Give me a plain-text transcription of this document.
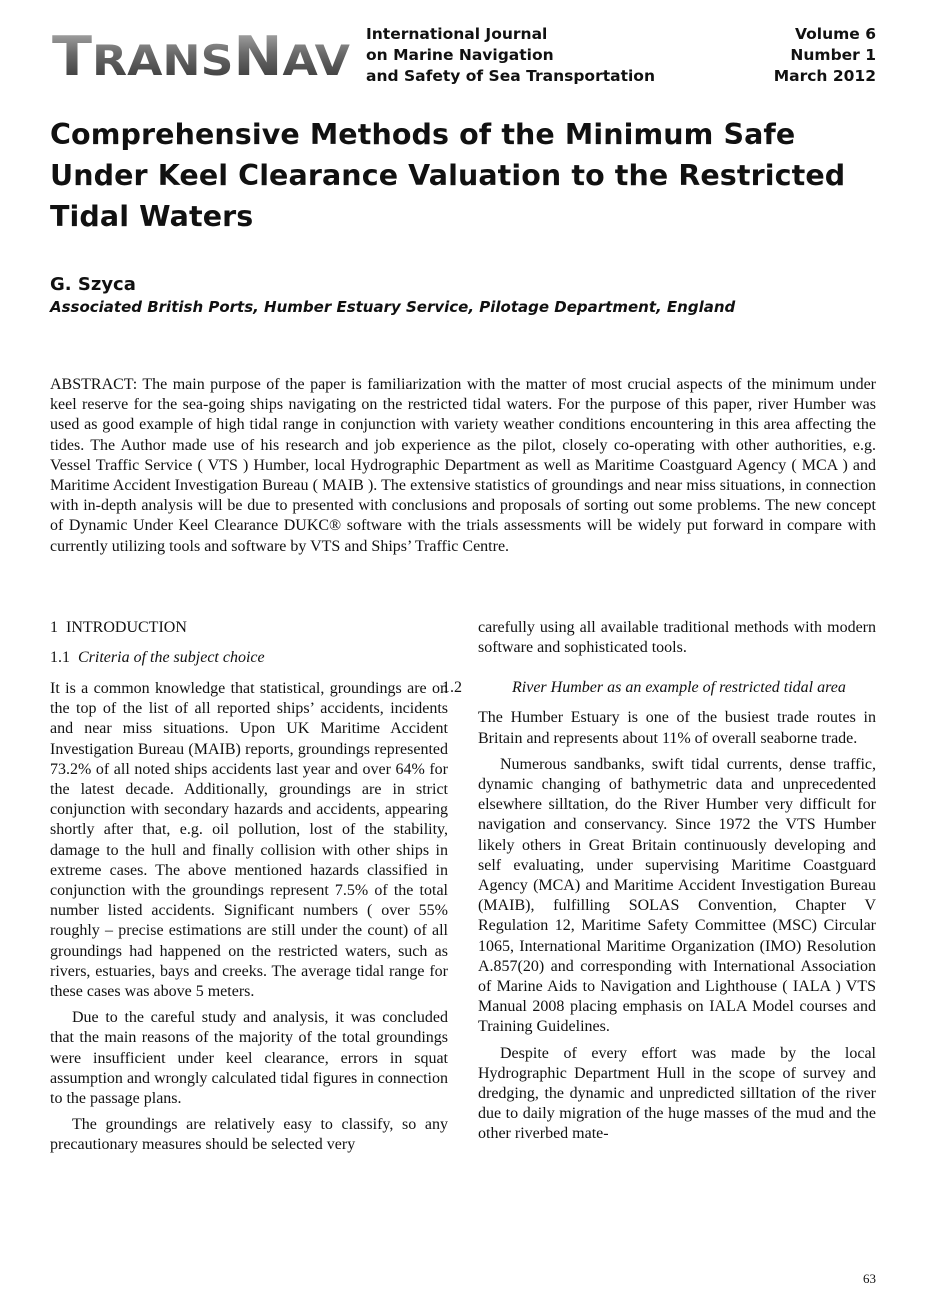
TRANS NAV
International Journal
on Marine Navigation
and Safety of Sea Transportation
Volume 6
Number 1
March 2012
Comprehensive Methods of the Minimum Safe Under Keel Clearance Valuation to the Restricted Tidal Waters

G. Szyca

Associated British Ports, Humber Estuary Service, Pilotage Department, England

ABSTRACT: The main purpose of the paper is familiarization with the matter of most crucial aspects of the minimum under keel reserve for the sea-going ships navigating on the restricted tidal waters. For the purpose of this paper, river Humber was used as good example of high tidal range in conjunction with variety weather conditions encountering in this area affecting the tides. The Author made use of his research and job experience as the pilot, closely co-operating with other authorities, e.g. Vessel Traffic Service ( VTS ) Humber, local Hydrographic Department as well as Maritime Coastguard Agency ( MCA ) and Maritime Accident Investigation Bureau ( MAIB ). The extensive statistics of groundings and near miss situations, in connection with in-depth analysis will be due to presented with conclusions and proposals of sorting out some problems. The new concept of Dynamic Under Keel Clearance DUKC® software with the trials assessments will be widely put forward in compare with currently utilizing tools and software by VTS and Ships’ Traffic Centre.

1 INTRODUCTION
1.1 Criteria of the subject choice

It is a common knowledge that statistical, groundings are on the top of the list of all reported ships’ accidents, incidents and near miss situations. Upon UK Maritime Accident Investigation Bureau (MAIB) reports, groundings represented 73.2% of all noted ships accidents last year and over 64% for the latest decade. Additionally, groundings are in strict conjunction with secondary hazards and accidents, appearing shortly after that, e.g. oil pollution, lost of the stability, damage to the hull and finally collision with other ships in extreme cases. The above mentioned hazards classified in conjunction with the groundings represent 7.5% of the total number listed accidents. Significant numbers ( over 55% roughly – precise estimations are still under the count) of all groundings had happened on the restricted waters, such as rivers, estuaries, bays and creeks. The average tidal range for these cases was above 5 meters.

Due to the careful study and analysis, it was concluded that the main reasons of the majority of the total groundings were insufficient under keel clearance, errors in squat assumption and wrongly calculated tidal figures in connection to the passage plans.

The groundings are relatively easy to classify, so any precautionary measures should be selected very

carefully using all available traditional methods with modern software and sophisticated tools.

1.2	River Humber as an example of restricted tidal area

The Humber Estuary is one of the busiest trade routes in Britain and represents about 11% of overall seaborne trade.

Numerous sandbanks, swift tidal currents, dense traffic, dynamic changing of bathymetric data and unprecedented elsewhere silltation, do the River Humber very difficult for navigation and conservancy. Since 1972 the VTS Humber likely others in Great Britain continuously developing and self evaluating, under supervising Maritime Coastguard Agency (MCA) and Maritime Accident Investigation Bureau (MAIB), fulfilling SOLAS Convention, Chapter V Regulation 12, Maritime Safety Committee (MSC) Circular 1065, International Maritime Organization (IMO) Resolution A.857(20) and corresponding with International Association of Marine Aids to Navigation and Lighthouse ( IALA ) VTS Manual 2008 placing emphasis on IALA Model courses and Training Guidelines.

Despite of every effort was made by the local Hydrographic Department Hull in the scope of survey and dredging, the dynamic and unpredicted silltation of the river due to daily migration of the huge masses of the mud and the other riverbed mate-

63
